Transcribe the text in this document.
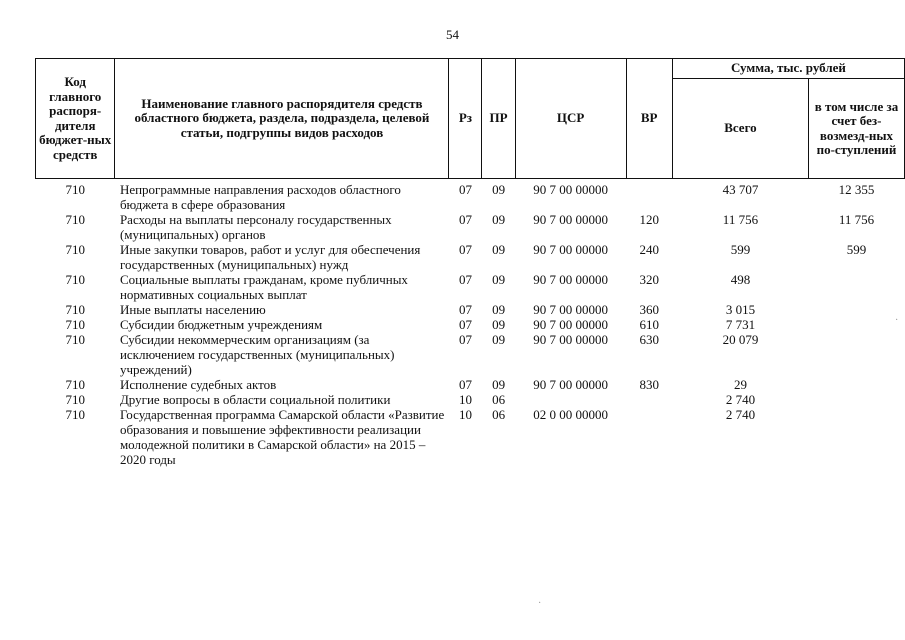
54
Код главного распоря-дителя бюджет-ных средств	Наименование главного распорядителя средств областного бюджета, раздела, подраздела, целевой статьи, подгруппы видов расходов	Рз	ПР	ЦСР	ВР	Сумма, тыс. рублей	
						Всего	в том числе за счет без-возмезд-ных по-ступлений
710	Непрограммные направления расходов областного бюджета в сфере образования	07	09	90 7 00 00000		43 707	12 355
710	Расходы на выплаты персоналу государственных (муниципальных) органов	07	09	90 7 00 00000	120	11 756	11 756
710	Иные закупки товаров, работ и услуг для обеспечения государственных (муниципальных) нужд	07	09	90 7 00 00000	240	599	599
710	Социальные выплаты гражданам, кроме публичных нормативных социальных выплат	07	09	90 7 00 00000	320	498	
710	Иные выплаты населению	07	09	90 7 00 00000	360	3 015	
710	Субсидии бюджетным учреждениям	07	09	90 7 00 00000	610	7 731	
710	Субсидии некоммерческим организациям (за исключением государственных (муниципальных) учреждений)	07	09	90 7 00 00000	630	20 079	
710	Исполнение судебных актов	07	09	90 7 00 00000	830	29	
710	Другие вопросы в области социальной политики	10	06			2 740	
710	Государственная программа Самарской области «Развитие образования и повышение эффективности реализации молодежной политики в Самарской области» на 2015 – 2020 годы	10	06	02 0 00 00000		2 740	
·
·
